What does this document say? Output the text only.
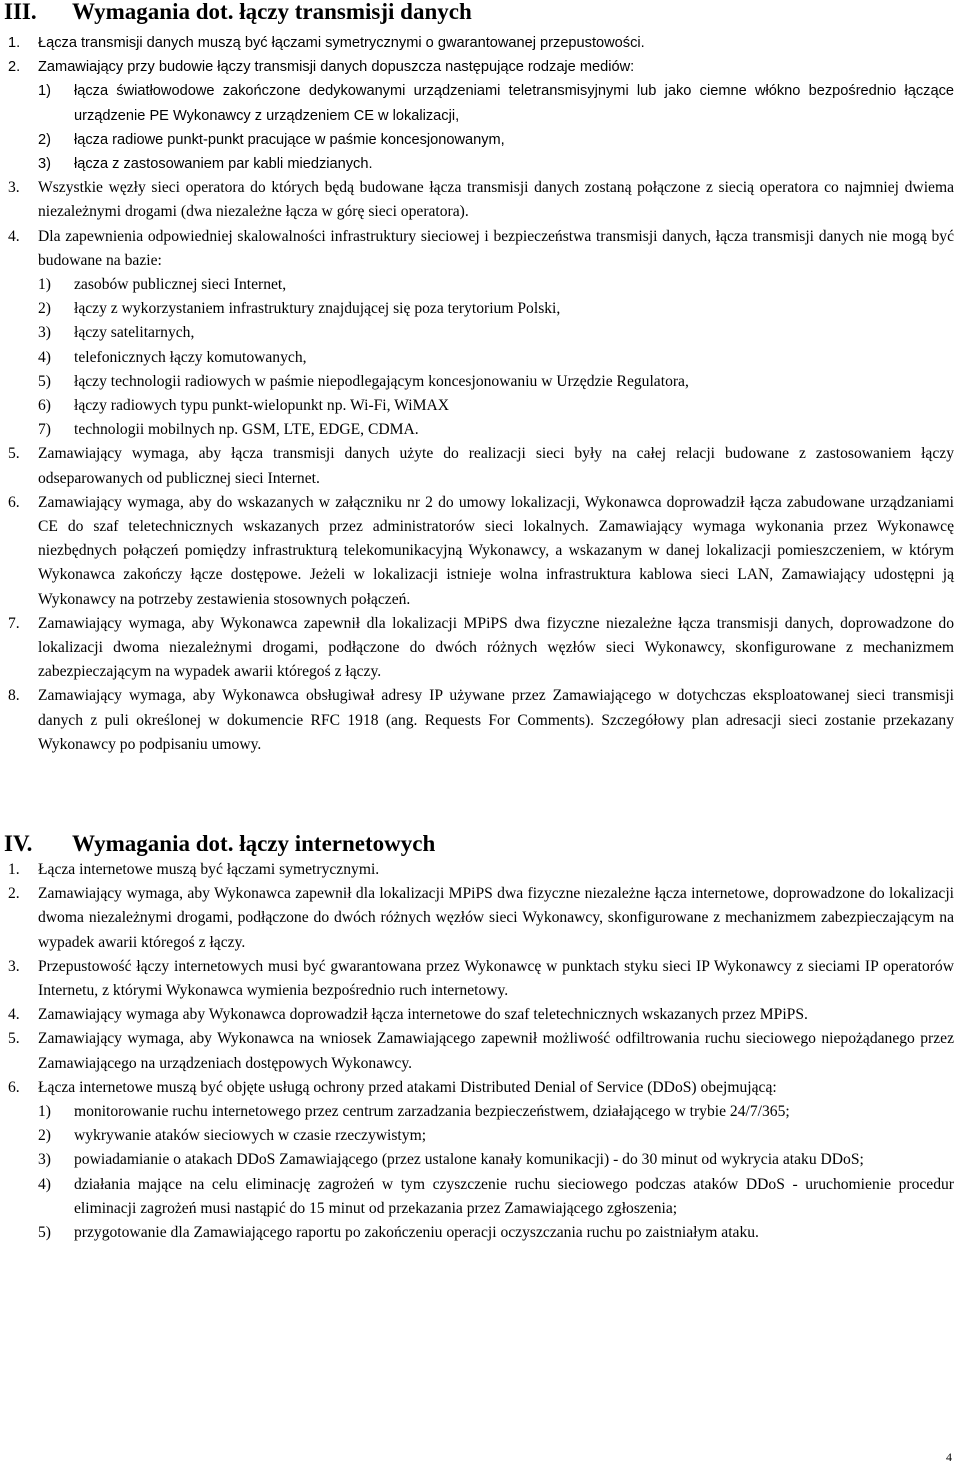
III. Wymagania dot. łączy transmisji danych
1. Łącza transmisji danych muszą być łączami symetrycznymi o gwarantowanej przepustowości.
2. Zamawiający przy budowie łączy transmisji danych dopuszcza następujące rodzaje mediów:
1) łącza światłowodowe zakończone dedykowanymi urządzeniami teletransmisyjnymi lub jako ciemne włókno bezpośrednio łączące urządzenie PE Wykonawcy z urządzeniem CE w lokalizacji,
2) łącza radiowe punkt-punkt pracujące w paśmie koncesjonowanym,
3) łącza z zastosowaniem par kabli miedzianych.
3. Wszystkie węzły sieci operatora do których będą budowane łącza transmisji danych zostaną połączone z siecią operatora co najmniej dwiema niezależnymi drogami (dwa niezależne łącza w górę sieci operatora).
4. Dla zapewnienia odpowiedniej skalowalności infrastruktury sieciowej i bezpieczeństwa transmisji danych, łącza transmisji danych nie mogą być budowane na bazie:
1) zasobów publicznej sieci Internet,
2) łączy z wykorzystaniem infrastruktury znajdującej się poza terytorium Polski,
3) łączy satelitarnych,
4) telefonicznych łączy komutowanych,
5) łączy technologii radiowych w paśmie niepodlegającym koncesjonowaniu w Urzędzie Regulatora,
6) łączy radiowych typu punkt-wielopunkt np. Wi-Fi, WiMAX
7) technologii mobilnych np. GSM, LTE, EDGE, CDMA.
5. Zamawiający wymaga, aby łącza transmisji danych użyte do realizacji sieci były na całej relacji budowane z zastosowaniem łączy odseparowanych od publicznej sieci Internet.
6. Zamawiający wymaga, aby do wskazanych w załączniku nr 2 do umowy lokalizacji, Wykonawca doprowadził łącza zabudowane urządzaniami CE do szaf teletechnicznych wskazanych przez administratorów sieci lokalnych. Zamawiający wymaga wykonania przez Wykonawcę niezbędnych połączeń pomiędzy infrastrukturą telekomunikacyjną Wykonawcy, a wskazanym w danej lokalizacji pomieszczeniem, w którym Wykonawca zakończy łącze dostępowe. Jeżeli w lokalizacji istnieje wolna infrastruktura kablowa sieci LAN, Zamawiający udostępni ją Wykonawcy na potrzeby zestawienia stosownych połączeń.
7. Zamawiający wymaga, aby Wykonawca zapewnił dla lokalizacji MPiPS dwa fizyczne niezależne łącza transmisji danych, doprowadzone do lokalizacji dwoma niezależnymi drogami, podłączone do dwóch różnych węzłów sieci Wykonawcy, skonfigurowane z mechanizmem zabezpieczającym na wypadek awarii któregoś z łączy.
8. Zamawiający wymaga, aby Wykonawca obsługiwał adresy IP używane przez Zamawiającego w dotychczas eksploatowanej sieci transmisji danych z puli określonej w dokumencie RFC 1918 (ang. Requests For Comments). Szczegółowy plan adresacji sieci zostanie przekazany Wykonawcy po podpisaniu umowy.
IV. Wymagania dot. łączy internetowych
1. Łącza internetowe muszą być łączami symetrycznymi.
2. Zamawiający wymaga, aby Wykonawca zapewnił dla lokalizacji MPiPS dwa fizyczne niezależne łącza internetowe, doprowadzone do lokalizacji dwoma niezależnymi drogami, podłączone do dwóch różnych węzłów sieci Wykonawcy, skonfigurowane z mechanizmem zabezpieczającym na wypadek awarii któregoś z łączy.
3. Przepustowość łączy internetowych musi być gwarantowana przez Wykonawcę w punktach styku sieci IP Wykonawcy z sieciami IP operatorów Internetu, z którymi Wykonawca wymienia bezpośrednio ruch internetowy.
4. Zamawiający wymaga aby Wykonawca doprowadził łącza internetowe do szaf teletechnicznych wskazanych przez MPiPS.
5. Zamawiający wymaga, aby Wykonawca na wniosek Zamawiającego zapewnił możliwość odfiltrowania ruchu sieciowego niepożądanego przez Zamawiającego na urządzeniach dostępowych Wykonawcy.
6. Łącza internetowe muszą być objęte usługą ochrony przed atakami Distributed Denial of Service (DDoS) obejmującą:
1) monitorowanie ruchu internetowego przez centrum zarzadzania bezpieczeństwem, działającego w trybie 24/7/365;
2) wykrywanie ataków sieciowych w czasie rzeczywistym;
3) powiadamianie o atakach DDoS Zamawiającego (przez ustalone kanały komunikacji) - do 30 minut od wykrycia ataku DDoS;
4) działania mające na celu eliminację zagrożeń w tym czyszczenie ruchu sieciowego podczas ataków DDoS - uruchomienie procedur eliminacji zagrożeń musi nastąpić do 15 minut od przekazania przez Zamawiającego zgłoszenia;
5) przygotowanie dla Zamawiającego raportu po zakończeniu operacji oczyszczania ruchu po zaistniałym ataku.
4
